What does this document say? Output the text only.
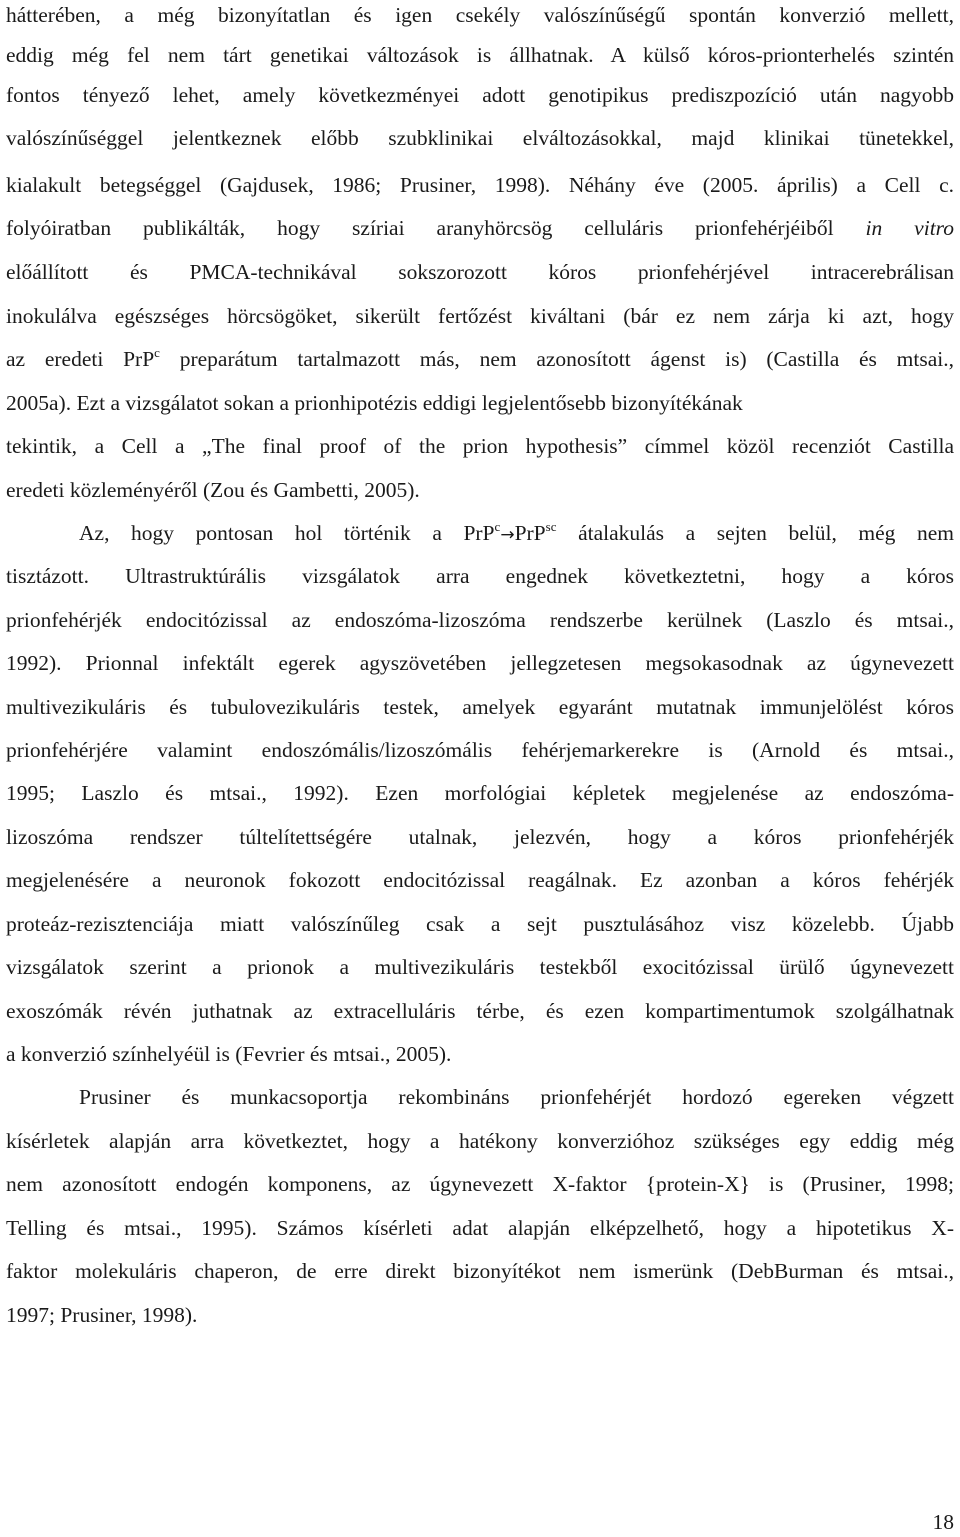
hátterében, a még bizonyítatlan és igen csekély valószínűségű spontán konverzió mellett,
eddig még fel nem tárt genetikai változások is állhatnak. A külső kóros-prionterhelés szintén
fontos tényező lehet, amely következményei adott genotipikus prediszpozíció után nagyobb
valószínűséggel jelentkeznek előbb szubklinikai elváltozásokkal, majd klinikai tünetekkel,
kialakult betegséggel (Gajdusek, 1986; Prusiner, 1998). Néhány éve (2005. április) a Cell c.
folyóiratban publikálták, hogy szíriai aranyhörcsög celluláris prionfehérjéiből in vitro
előállított és PMCA-technikával sokszorozott kóros prionfehérjével intracerebrálisan
inokulálva egészséges hörcsögöket, sikerült fertőzést kiváltani (bár ez nem zárja ki azt, hogy
az eredeti PrP$^c$ preparátum tartalmazott más, nem azonosított ágenst is) (Castilla és mtsai.,
2005a). Ezt a vizsgálatot sokan a prionhipotézis eddigi legjelentősebb bizonyítékának
tekintik, a Cell a „The final proof of the prion hypothesis” címmel közöl recenziót Castilla
eredeti közleményéről (Zou és Gambetti, 2005).
Az, hogy pontosan hol történik a PrP$^c$→PrP$^{sc}$ átalakulás a sejten belül, még nem
tisztázott. Ultrastruktúrális vizsgálatok arra engednek következtetni, hogy a kóros
prionfehérjék endocitózissal az endoszóma-lizoszóma rendszerbe kerülnek (Laszlo és mtsai.,
1992). Prionnal infektált egerek agyszövetében jellegzetesen megsokasodnak az úgynevezett
multivezikuláris és tubulovezikuláris testek, amelyek egyaránt mutatnak immunjelölést kóros
prionfehérjére valamint endoszómális/lizoszómális fehérjemarkerekre is (Arnold és mtsai.,
1995; Laszlo és mtsai., 1992). Ezen morfológiai képletek megjelenése az endoszóma-
lizoszóma rendszer túltelítettségére utalnak, jelezvén, hogy a kóros prionfehérjék
megjelenésére a neuronok fokozott endocitózissal reagálnak. Ez azonban a kóros fehérjék
proteáz-rezisztenciája miatt valószínűleg csak a sejt pusztulásához visz közelebb. Újabb
vizsgálatok szerint a prionok a multivezikuláris testekből exocitózissal ürülő úgynevezett
exoszómák révén juthatnak az extracelluláris térbe, és ezen kompartimentumok szolgálhatnak
a konverzió színhelyéül is (Fevrier és mtsai., 2005).
Prusiner és munkacsoportja rekombináns prionfehérjét hordozó egereken végzett
kísérletek alapján arra következtet, hogy a hatékony konverzióhoz szükséges egy eddig még
nem azonosított endogén komponens, az úgynevezett X-faktor {protein-X} is (Prusiner, 1998;
Telling és mtsai., 1995). Számos kísérleti adat alapján elképzelhető, hogy a hipotetikus X-
faktor molekuláris chaperon, de erre direkt bizonyítékot nem ismerünk (DebBurman és mtsai.,
1997; Prusiner, 1998).
18
